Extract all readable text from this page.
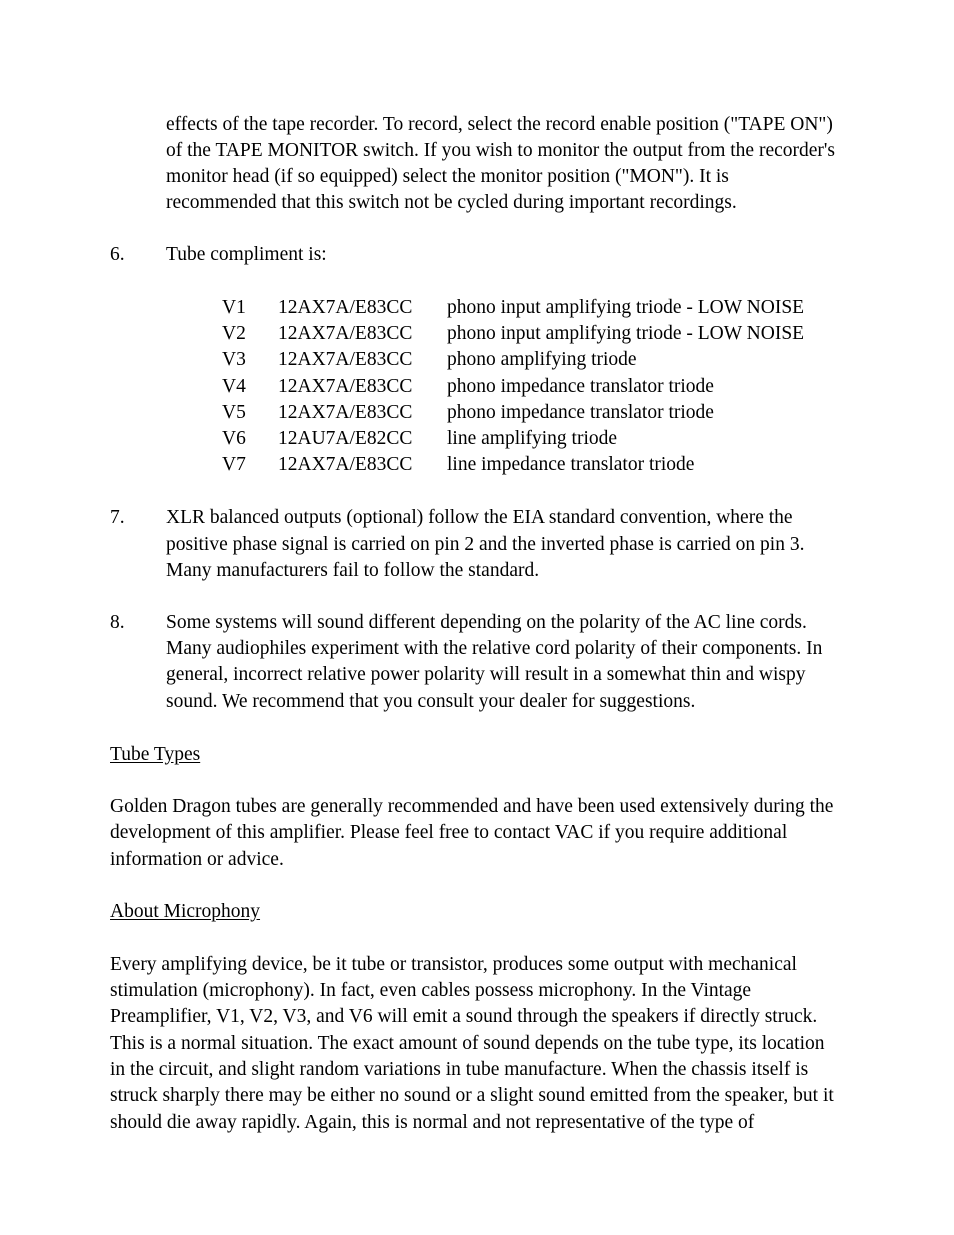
effects of the tape recorder. To record, select the record enable position ("TAPE ON")
of the TAPE MONITOR switch. If you wish to monitor the output from the recorder's
monitor head (if so equipped) select the monitor position ("MON"). It is
recommended that this switch not be cycled during important recordings.
6. Tube compliment is:
V1 12AX7A/E83CC phono input amplifying triode - LOW NOISE
V2 12AX7A/E83CC phono input amplifying triode - LOW NOISE
V3 12AX7A/E83CC phono amplifying triode
V4 12AX7A/E83CC phono impedance translator triode
V5 12AX7A/E83CC phono impedance translator triode
V6 12AU7A/E82CC line amplifying triode
V7 12AX7A/E83CC line impedance translator triode
7. XLR balanced outputs (optional) follow the EIA standard convention, where the
positive phase signal is carried on pin 2 and the inverted phase is carried on pin 3.
Many manufacturers fail to follow the standard.
8. Some systems will sound different depending on the polarity of the AC line cords.
Many audiophiles experiment with the relative cord polarity of their components. In
general, incorrect relative power polarity will result in a somewhat thin and wispy
sound. We recommend that you consult your dealer for suggestions.
Tube Types
Golden Dragon tubes are generally recommended and have been used extensively during the
development of this amplifier. Please feel free to contact VAC if you require additional
information or advice.
About Microphony
Every amplifying device, be it tube or transistor, produces some output with mechanical
stimulation (microphony). In fact, even cables possess microphony. In the Vintage
Preamplifier, V1, V2, V3, and V6 will emit a sound through the speakers if directly struck.
This is a normal situation. The exact amount of sound depends on the tube type, its location
in the circuit, and slight random variations in tube manufacture. When the chassis itself is
struck sharply there may be either no sound or a slight sound emitted from the speaker, but it
should die away rapidly. Again, this is normal and not representative of the type of
